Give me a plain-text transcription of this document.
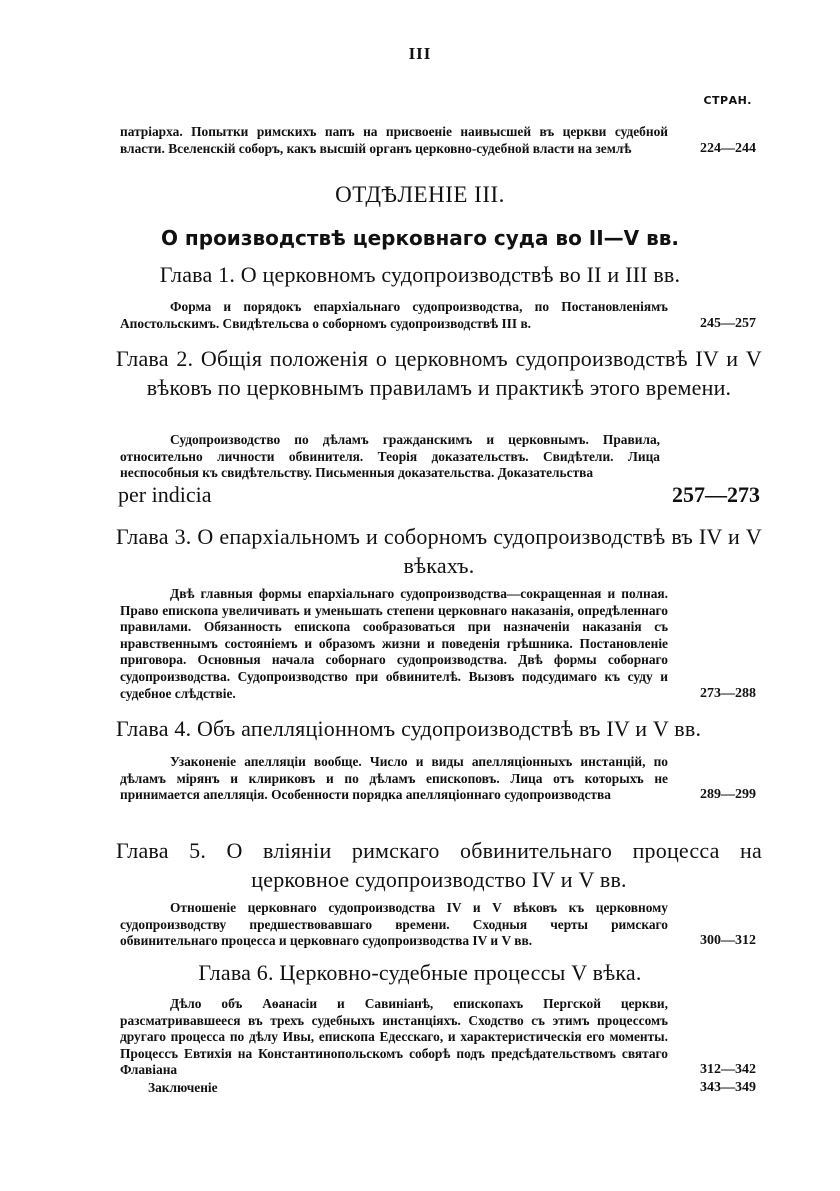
III
СТРАН.
патріарха. Попытки римскихъ папъ на присвоеніе наивысшей въ церкви судебной власти. Вселенскій соборъ, какъ высшій органъ церковно-судебной власти на землѣ	224—244
ОТДѢЛЕНІЕ III.
О производствѣ церковнаго суда во II—V вв.
Глава 1. О церковномъ судопроизводствѣ во II и III вв.
Форма и порядокъ епархіальнаго судопроизводства, по Постановленіямъ Апостольскимъ. Свидѣтельсва о соборномъ судопроизводствѣ III в.	245—257
Глава 2. Общія положенія о церковномъ судопроизводствѣ IV и V вѣковъ по церковнымъ правиламъ и практикѣ этого времени.
Судопроизводство по дѣламъ гражданскимъ и церковнымъ. Правила, относительно личности обвинителя. Теорія доказательствъ. Свидѣтели. Лица неспособныя къ свидѣтельству. Письменныя доказательства. Доказательства
per indicia	257—273
Глава 3. О епархіальномъ и соборномъ судопроизводствѣ въ IV и V вѣкахъ.
Двѣ главныя формы епархіальнаго судопроизводства—сокращенная и полная. Право епископа увеличивать и уменьшать степени церковнаго наказанія, опредѣленнаго правилами. Обязанность епископа сообразоваться при назначеніи наказанія съ нравственнымъ состояніемъ и образомъ жизни и поведенія грѣшника. Постановленіе приговора. Основныя начала соборнаго судопроизводства. Двѣ формы соборнаго судопроизводства. Судопроизводство при обвинителѣ. Вызовъ подсудимаго къ суду и судебное слѣдствіе.	273—288
Глава 4. Объ апелляціонномъ судопроизводствѣ въ IV и V вв.
Узаконеніе апелляціи вообще. Число и виды апелляціонныхъ инстанцій, по дѣламъ мірянъ и клириковъ и по дѣламъ епископовъ. Лица отъ которыхъ не принимается апелляція. Особенности порядка апелляціоннаго судопроизводства	289—299
Глава 5. О вліяніи римскаго обвинительнаго процесса на церковное судопроизводство IV и V вв.
Отношеніе церковнаго судопроизводства IV и V вѣковъ къ церковному судопроизводству предшествовавшаго времени. Сходныя черты римскаго обвинительнаго процесса и церковнаго судопроизводства IV и V вв.	300—312
Глава 6. Церковно-судебные процессы V вѣка.
Дѣло объ Аѳанасіи и Савиніанѣ, епископахъ Пергской церкви, разсматривавшееся въ трехъ судебныхъ инстанціяхъ. Сходство съ этимъ процессомъ другаго процесса по дѣлу Ивы, епископа Едесскаго, и характеристическія его моменты. Процессъ Евтихія на Константинопольскомъ соборѣ подъ предсѣдательствомъ святаго Флавіана	312—342
Заключеніе	343—349
